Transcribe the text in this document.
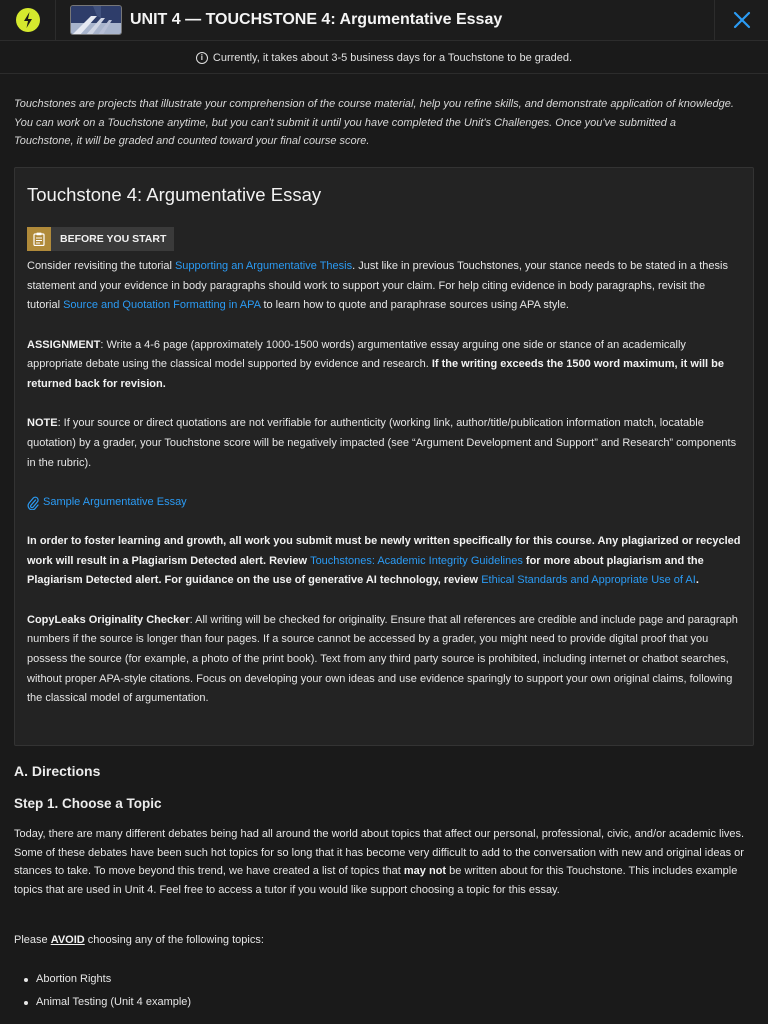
UNIT 4 — TOUCHSTONE 4: Argumentative Essay
i Currently, it takes about 3-5 business days for a Touchstone to be graded.

Touchstones are projects that illustrate your comprehension of the course material, help you refine skills, and demonstrate application of knowledge. You can work on a Touchstone anytime, but you can't submit it until you have completed the Unit's Challenges. Once you've submitted a Touchstone, it will be graded and counted toward your final course score.

Touchstone 4: Argumentative Essay
BEFORE YOU START

Consider revisiting the tutorial Supporting an Argumentative Thesis. Just like in previous Touchstones, your stance needs to be stated in a thesis statement and your evidence in body paragraphs should work to support your claim. For help citing evidence in body paragraphs, revisit the tutorial Source and Quotation Formatting in APA to learn how to quote and paraphrase sources using APA style.

ASSIGNMENT: Write a 4-6 page (approximately 1000-1500 words) argumentative essay arguing one side or stance of an academically appropriate debate using the classical model supported by evidence and research. If the writing exceeds the 1500 word maximum, it will be returned back for revision.

NOTE: If your source or direct quotations are not verifiable for authenticity (working link, author/title/publication information match, locatable quotation) by a grader, your Touchstone score will be negatively impacted (see “Argument Development and Support” and Research” components in the rubric).

Sample Argumentative Essay

In order to foster learning and growth, all work you submit must be newly written specifically for this course. Any plagiarized or recycled work will result in a Plagiarism Detected alert. Review Touchstones: Academic Integrity Guidelines for more about plagiarism and the Plagiarism Detected alert. For guidance on the use of generative AI technology, review Ethical Standards and Appropriate Use of AI.

CopyLeaks Originality Checker: All writing will be checked for originality. Ensure that all references are credible and include page and paragraph numbers if the source is longer than four pages. If a source cannot be accessed by a grader, you might need to provide digital proof that you possess the source (for example, a photo of the print book). Text from any third party source is prohibited, including internet or chatbot searches, without proper APA-style citations. Focus on developing your own ideas and use evidence sparingly to support your own original claims, following the classical model of argumentation.

A. Directions
Step 1. Choose a Topic

Today, there are many different debates being had all around the world about topics that affect our personal, professional, civic, and/or academic lives. Some of these debates have been such hot topics for so long that it has become very difficult to add to the conversation with new and original ideas or stances to take. To move beyond this trend, we have created a list of topics that may not be written about for this Touchstone. This includes example topics that are used in Unit 4. Feel free to access a tutor if you would like support choosing a topic for this essay.

Please AVOID choosing any of the following topics:

Abortion Rights
Animal Testing (Unit 4 example)
